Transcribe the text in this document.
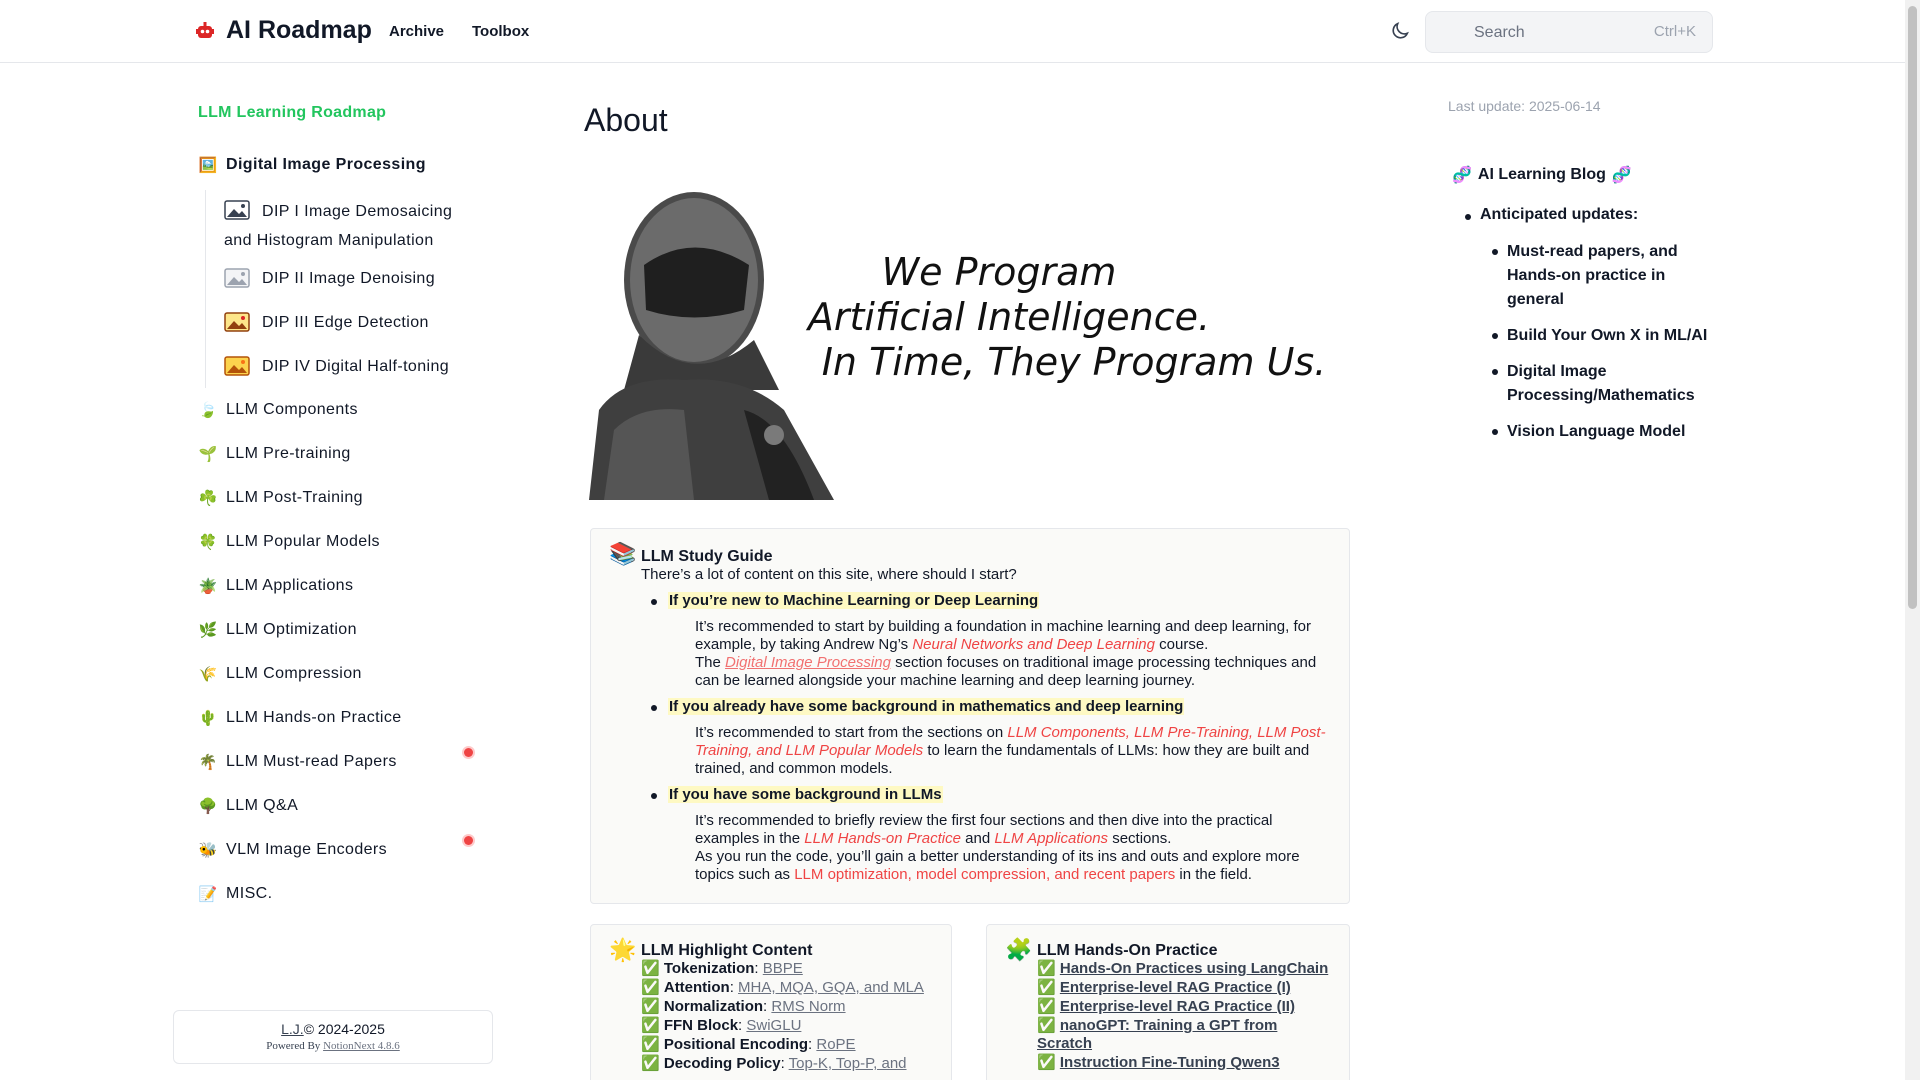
AI Roadmap Archive Toolbox
Search	Ctrl+K
LLM Learning Roadmap
🖼️ Digital Image Processing
DIP I Image Demosaicing and Histogram Manipulation
DIP II Image Denoising
DIP III Edge Detection
DIP IV Digital Half-toning
🍃 LLM Components
🌱 LLM Pre-training
☘️ LLM Post-Training
🍀 LLM Popular Models
🪴 LLM Applications
🌿 LLM Optimization
🌾 LLM Compression
🌵 LLM Hands-on Practice
🌴 LLM Must-read Papers
🌳 LLM Q&A
🐝 VLM Image Encoders
📝 MISC.
L.J.© 2024-2025
Powered By NotionNext 4.8.6
About
We Program
Artificial Intelligence.
In Time, They Program Us.
📚 LLM Study Guide
There’s a lot of content on this site, where should I start?
If you’re new to Machine Learning or Deep Learning
It’s recommended to start by building a foundation in machine learning and deep learning, for example, by taking Andrew Ng’s Neural Networks and Deep Learning course.
The Digital Image Processing section focuses on traditional image processing techniques and can be learned alongside your machine learning and deep learning journey.
If you already have some background in mathematics and deep learning
It’s recommended to start from the sections on LLM Components, LLM Pre-Training, LLM Post-Training, and LLM Popular Models to learn the fundamentals of LLMs: how they are built and trained, and common models.
If you have some background in LLMs
It’s recommended to briefly review the first four sections and then dive into the practical examples in the LLM Hands-on Practice and LLM Applications sections.
As you run the code, you’ll gain a better understanding of its ins and outs and explore more topics such as LLM optimization, model compression, and recent papers in the field.
🌟 LLM Highlight Content
✅ Tokenization: BBPE
✅ Attention: MHA, MQA, GQA, and MLA
✅ Normalization: RMS Norm
✅ FFN Block: SwiGLU
✅ Positional Encoding: RoPE
✅ Decoding Policy: Top-K, Top-P, and
🧩 LLM Hands-On Practice
✅ Hands-On Practices using LangChain
✅ Enterprise-level RAG Practice (I)
✅ Enterprise-level RAG Practice (II)
✅ nanoGPT: Training a GPT from Scratch
✅ Instruction Fine-Tuning Qwen3
Last update: 2025-06-14
🧬 AI Learning Blog 🧬
Anticipated updates:
Must-read papers, and Hands-on practice in general
Build Your Own X in ML/AI
Digital Image Processing/Mathematics
Vision Language Model
